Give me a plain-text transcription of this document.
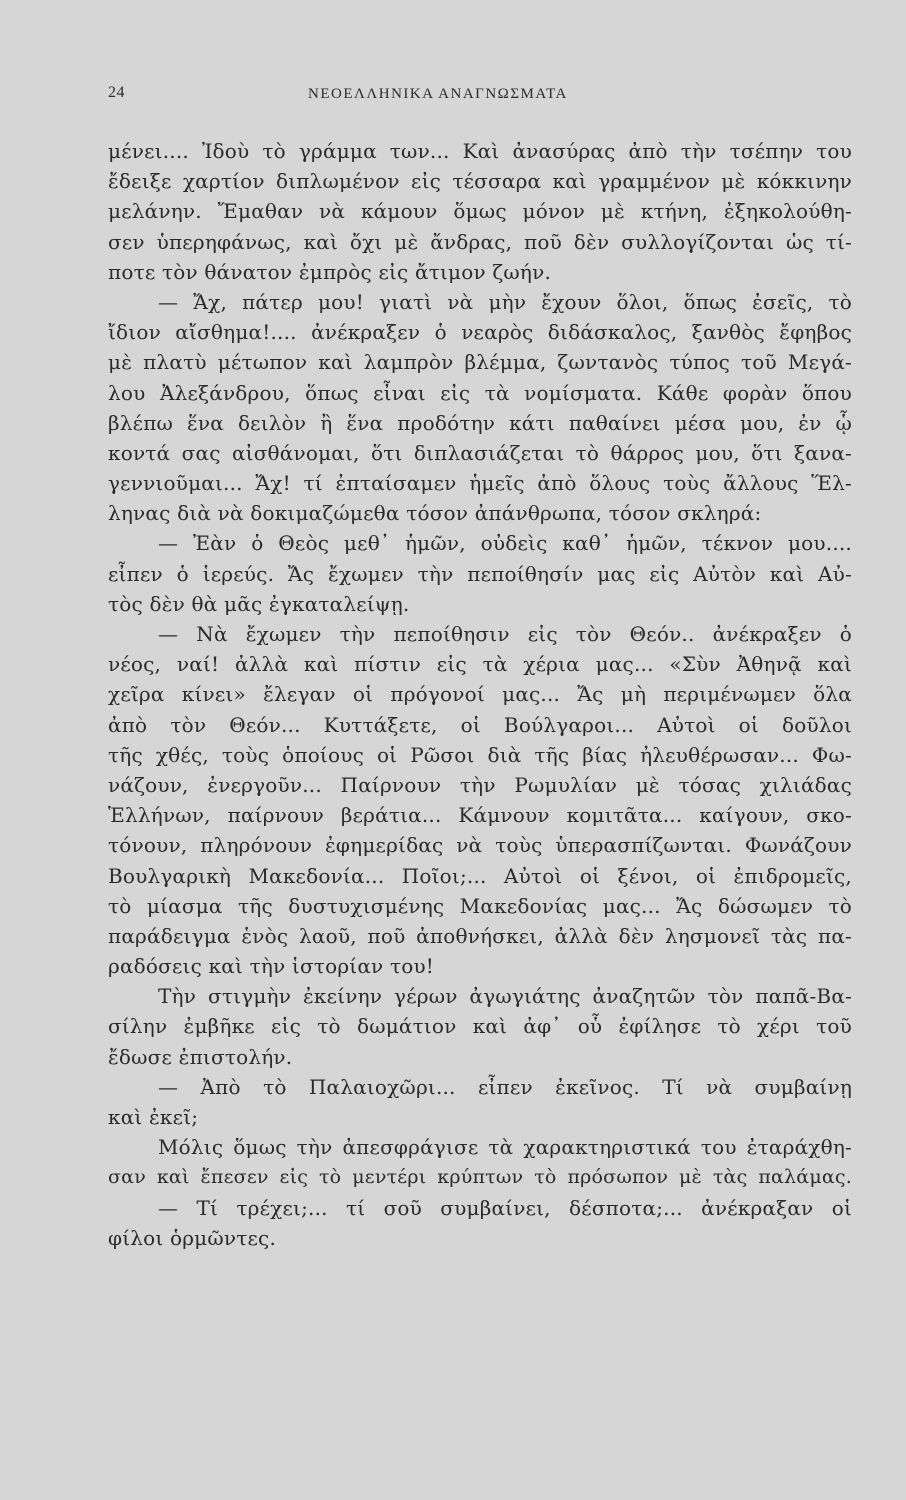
24	ΝΕΟΕΛΛΗΝΙΚΑ ΑΝΑΓΝΩΣΜΑΤΑ
μένει.... Ἰδοὺ τὸ γράμμα των... Καὶ ἀνασύρας ἀπὸ τὴν τσέπην του
ἔδειξε χαρτίον διπλωμένον εἰς τέσσαρα καὶ γραμμένον μὲ κόκκινην
μελάνην. Ἔμαθαν νὰ κάμουν ὅμως μόνον μὲ κτήνη, ἐξηκολούθη-
σεν ὑπερηφάνως, καὶ ὄχι μὲ ἄνδρας, ποῦ δὲν συλλογίζονται ὡς τί-
ποτε τὸν θάνατον ἐμπρὸς εἰς ἄτιμον ζωήν.
— Ἄχ, πάτερ μου! γιατὶ νὰ μὴν ἔχουν ὅλοι, ὅπως ἐσεῖς, τὸ
ἴδιον αἴσθημα!.... ἀνέκραξεν ὁ νεαρὸς διδάσκαλος, ξανθὸς ἔφηβος
μὲ πλατὺ μέτωπον καὶ λαμπρὸν βλέμμα, ζωντανὸς τύπος τοῦ Μεγά-
λου Ἀλεξάνδρου, ὅπως εἶναι εἰς τὰ νομίσματα. Κάθε φορὰν ὅπου
βλέπω ἕνα δειλὸν ἢ ἕνα προδότην κάτι παθαίνει μέσα μου, ἐν ᾧ
κοντά σας αἰσθάνομαι, ὅτι διπλασιάζεται τὸ θάρρος μου, ὅτι ξανα-
γεννιοῦμαι... Ἄχ! τί ἐπταίσαμεν ἡμεῖς ἀπὸ ὅλους τοὺς ἄλλους Ἕλ-
ληνας διὰ νὰ δοκιμαζώμεθα τόσον ἀπάνθρωπα, τόσον σκληρά:
— Ἐὰν ὁ Θεὸς μεθ᾽ ἡμῶν, οὐδεὶς καθ᾽ ἡμῶν, τέκνον μου....
εἶπεν ὁ ἱερεύς. Ἄς ἔχωμεν τὴν πεποίθησίν μας εἰς Αὐτὸν καὶ Αὐ-
τὸς δὲν θὰ μᾶς ἐγκαταλείψῃ.
— Νὰ ἔχωμεν τὴν πεποίθησιν εἰς τὸν Θεόν.. ἀνέκραξεν ὁ
νέος, ναί! ἀλλὰ καὶ πίστιν εἰς τὰ χέρια μας... «Σὺν Ἀθηνᾷ καὶ
χεῖρα κίνει» ἔλεγαν οἱ πρόγονοί μας... Ἄς μὴ περιμένωμεν ὅλα
ἀπὸ τὸν Θεόν... Κυττάξετε, οἱ Βούλγαροι... Αὐτοὶ οἱ δοῦλοι
τῆς χθές, τοὺς ὁποίους οἱ Ρῶσοι διὰ τῆς βίας ἠλευθέρωσαν... Φω-
νάζουν, ἐνεργοῦν... Παίρνουν τὴν Ρωμυλίαν μὲ τόσας χιλιάδας
Ἑλλήνων, παίρνουν βεράτια... Κάμνουν κομιτᾶτα... καίγουν, σκο-
τόνουν, πληρόνουν ἐφημερίδας νὰ τοὺς ὑπερασπίζωνται. Φωνάζουν
Βουλγαρικὴ Μακεδονία... Ποῖοι;... Αὐτοὶ οἱ ξένοι, οἱ ἐπιδρομεῖς,
τὸ μίασμα τῆς δυστυχισμένης Μακεδονίας μας... Ἄς δώσωμεν τὸ
παράδειγμα ἑνὸς λαοῦ, ποῦ ἀποθνήσκει, ἀλλὰ δὲν λησμονεῖ τὰς πα-
ραδόσεις καὶ τὴν ἱστορίαν του!
Τὴν στιγμὴν ἐκείνην γέρων ἀγωγιάτης ἀναζητῶν τὸν παπᾶ-Βα-
σίλην ἐμβῆκε εἰς τὸ δωμάτιον καὶ ἀφ᾽ οὗ ἐφίλησε τὸ χέρι τοῦ
ἔδωσε ἐπιστολήν.
— Ἀπὸ τὸ Παλαιοχῶρι... εἶπεν ἐκεῖνος. Τί νὰ συμβαίνῃ
καὶ ἐκεῖ;
Μόλις ὅμως τὴν ἀπεσφράγισε τὰ χαρακτηριστικά του ἐταράχθη-
σαν καὶ ἔπεσεν εἰς τὸ μεντέρι κρύπτων τὸ πρόσωπον μὲ τὰς παλάμας.
— Τί τρέχει;... τί σοῦ συμβαίνει, δέσποτα;... ἀνέκραξαν οἱ
φίλοι ὁρμῶντες.
